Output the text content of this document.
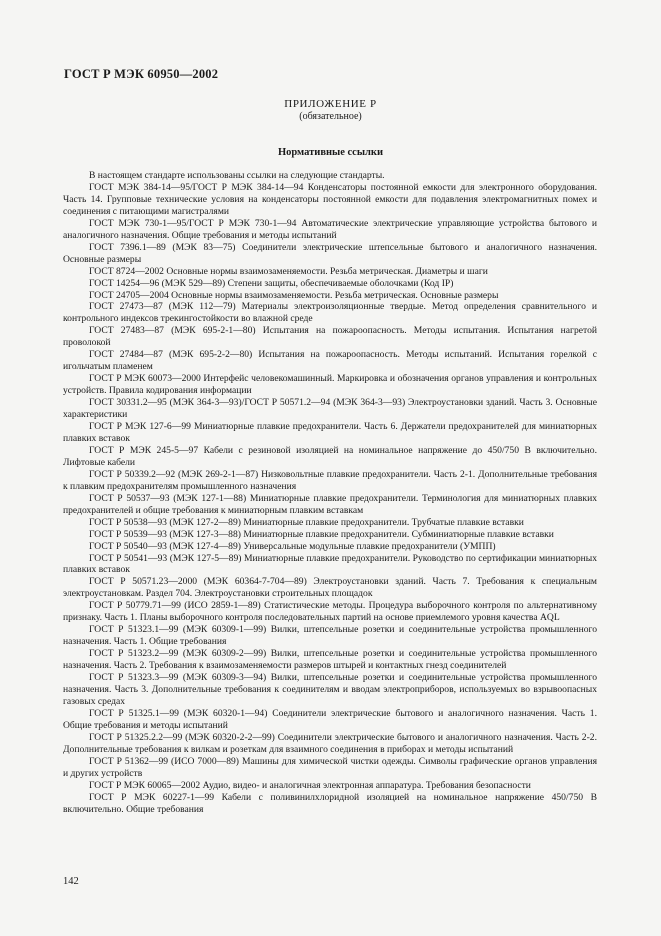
ГОСТ Р МЭК 60950—2002
ПРИЛОЖЕНИЕ Р
(обязательное)
Нормативные ссылки

В настоящем стандарте использованы ссылки на следующие стандарты.

ГОСТ МЭК 384-14—95/ГОСТ Р МЭК 384-14—94 Конденсаторы постоянной емкости для электронного оборудования. Часть 14. Групповые технические условия на конденсаторы постоянной емкости для подавления электромагнитных помех и соединения с питающими магистралями

ГОСТ МЭК 730-1—95/ГОСТ Р МЭК 730-1—94 Автоматические электрические управляющие устройства бытового и аналогичного назначения. Общие требования и методы испытаний

ГОСТ 7396.1—89 (МЭК 83—75) Соединители электрические штепсельные бытового и аналогичного назначения. Основные размеры

ГОСТ 8724—2002 Основные нормы взаимозаменяемости. Резьба метрическая. Диаметры и шаги

ГОСТ 14254—96 (МЭК 529—89) Степени защиты, обеспечиваемые оболочками (Код IP)

ГОСТ 24705—2004 Основные нормы взаимозаменяемости. Резьба метрическая. Основные размеры

ГОСТ 27473—87 (МЭК 112—79) Материалы электроизоляционные твердые. Метод определения сравнительного и контрольного индексов трекингостойкости во влажной среде

ГОСТ 27483—87 (МЭК 695-2-1—80) Испытания на пожароопасность. Методы испытания. Испытания нагретой проволокой

ГОСТ 27484—87 (МЭК 695-2-2—80) Испытания на пожароопасность. Методы испытаний. Испытания горелкой с игольчатым пламенем

ГОСТ Р МЭК 60073—2000 Интерфейс человекомашинный. Маркировка и обозначения органов управления и контрольных устройств. Правила кодирования информации

ГОСТ 30331.2—95 (МЭК 364-3—93)/ГОСТ Р 50571.2—94 (МЭК 364-3—93) Электроустановки зданий. Часть 3. Основные характеристики

ГОСТ Р МЭК 127-6—99 Миниатюрные плавкие предохранители. Часть 6. Держатели предохранителей для миниатюрных плавких вставок

ГОСТ Р МЭК 245-5—97 Кабели с резиновой изоляцией на номинальное напряжение до 450/750 В включительно. Лифтовые кабели

ГОСТ Р 50339.2—92 (МЭК 269-2-1—87) Низковольтные плавкие предохранители. Часть 2-1. Дополнительные требования к плавким предохранителям промышленного назначения

ГОСТ Р 50537—93 (МЭК 127-1—88) Миниатюрные плавкие предохранители. Терминология для миниатюрных плавких предохранителей и общие требования к миниатюрным плавким вставкам

ГОСТ Р 50538—93 (МЭК 127-2—89) Миниатюрные плавкие предохранители. Трубчатые плавкие вставки

ГОСТ Р 50539—93 (МЭК 127-3—88) Миниатюрные плавкие предохранители. Субминиатюрные плавкие вставки

ГОСТ Р 50540—93 (МЭК 127-4—89) Универсальные модульные плавкие предохранители (УМПП)

ГОСТ Р 50541—93 (МЭК 127-5—89) Миниатюрные плавкие предохранители. Руководство по сертификации миниатюрных плавких вставок

ГОСТ Р 50571.23—2000 (МЭК 60364-7-704—89) Электроустановки зданий. Часть 7. Требования к специальным электроустановкам. Раздел 704. Электроустановки строительных площадок

ГОСТ Р 50779.71—99 (ИСО 2859-1—89) Статистические методы. Процедура выборочного контроля по альтернативному признаку. Часть 1. Планы выборочного контроля последовательных партий на основе приемлемого уровня качества AQL

ГОСТ Р 51323.1—99 (МЭК 60309-1—99) Вилки, штепсельные розетки и соединительные устройства промышленного назначения. Часть 1. Общие требования

ГОСТ Р 51323.2—99 (МЭК 60309-2—99) Вилки, штепсельные розетки и соединительные устройства промышленного назначения. Часть 2. Требования к взаимозаменяемости размеров штырей и контактных гнезд соединителей

ГОСТ Р 51323.3—99 (МЭК 60309-3—94) Вилки, штепсельные розетки и соединительные устройства промышленного назначения. Часть 3. Дополнительные требования к соединителям и вводам электроприборов, используемых во взрывоопасных газовых средах

ГОСТ Р 51325.1—99 (МЭК 60320-1—94) Соединители электрические бытового и аналогичного назначения. Часть 1. Общие требования и методы испытаний

ГОСТ Р 51325.2.2—99 (МЭК 60320-2-2—99) Соединители электрические бытового и аналогичного назначения. Часть 2-2. Дополнительные требования к вилкам и розеткам для взаимного соединения в приборах и методы испытаний

ГОСТ Р 51362—99 (ИСО 7000—89) Машины для химической чистки одежды. Символы графические органов управления и других устройств

ГОСТ Р МЭК 60065—2002 Аудио, видео- и аналогичная электронная аппаратура. Требования безопасности

ГОСТ Р МЭК 60227-1—99 Кабели с поливинилхлоридной изоляцией на номинальное напряжение 450/750 В включительно. Общие требования

142
